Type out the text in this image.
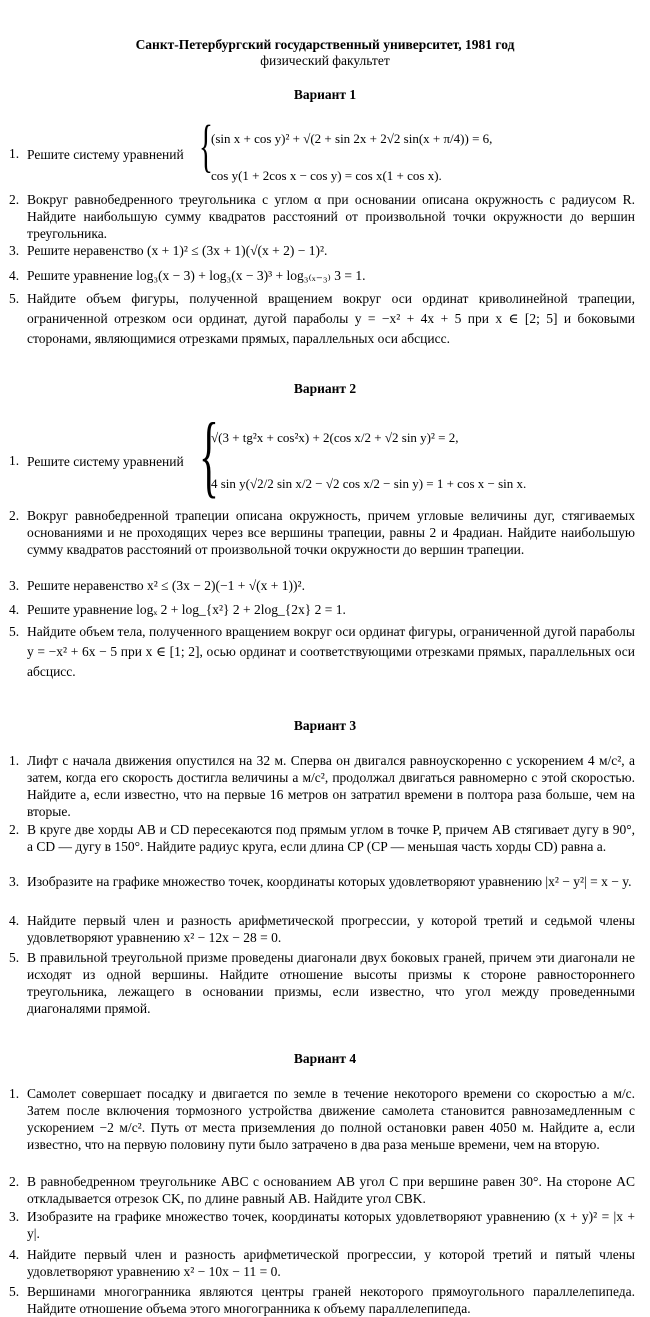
Санкт-Петербургский государственный университет, 1981 год
физический факультет
Вариант 1
1. Решите систему уравнений {
(sin x + cos y)² + √(2 + sin 2x + 2√2 sin(x + π/4)) = 6,
cos y(1 + 2cos x − cos y) = cos x(1 + cos x).
2. Вокруг равнобедренного треугольника с углом α при основании описана окружность с радиусом R. Найдите наибольшую сумму квадратов расстояний от произвольной точки окружности до вершин треугольника.
3. Решите неравенство (x + 1)² ≤ (3x + 1)(√(x + 2) − 1)².
4. Решите уравнение log₃(x − 3) + log₃(x − 3)³ + log₃₍ₓ₋₃₎ 3 = 1.
5. Найдите объем фигуры, полученной вращением вокруг оси ординат криволинейной трапеции, ограниченной отрезком оси ординат, дугой параболы y = −x² + 4x + 5 при x ∈ [2; 5] и боковыми сторонами, являющимися отрезками прямых, параллельных оси абсцисс.
Вариант 2
1. Решите систему уравнений {
√(3 + tg²x + cos²x) + 2(cos x/2 + √2 sin y)² = 2,
4 sin y(√2/2 sin x/2 − √2 cos x/2 − sin y) = 1 + cos x − sin x.
2. Вокруг равнобедренной трапеции описана окружность, причем угловые величины дуг, стягиваемых основаниями и не проходящих через все вершины трапеции, равны 2 и 4радиан. Найдите наибольшую сумму квадратов расстояний от произвольной точки окружности до вершин трапеции.
3. Решите неравенство x² ≤ (3x − 2)(−1 + √(x + 1))².
4. Решите уравнение logₓ 2 + log_{x²} 2 + 2log_{2x} 2 = 1.
5. Найдите объем тела, полученного вращением вокруг оси ординат фигуры, ограниченной дугой параболы y = −x² + 6x − 5 при x ∈ [1; 2], осью ординат и соответствующими отрезками прямых, параллельных оси абсцисс.
Вариант 3
1. Лифт с начала движения опустился на 32 м. Сперва он двигался равноускоренно с ускорением 4 м/с², а затем, когда его скорость достигла величины a м/с², продолжал двигаться равномерно с этой скоростью. Найдите a, если известно, что на первые 16 метров он затратил времени в полтора раза больше, чем на вторые.
2. В круге две хорды AB и CD пересекаются под прямым углом в точке P, причем AB стягивает дугу в 90°, а CD — дугу в 150°. Найдите радиус круга, если длина CP (CP — меньшая часть хорды CD) равна a.
3. Изобразите на графике множество точек, координаты которых удовлетворяют уравнению |x² − y²| = x − y.
4. Найдите первый член и разность арифметической прогрессии, у которой третий и седьмой члены удовлетворяют уравнению x² − 12x − 28 = 0.
5. В правильной треугольной призме проведены диагонали двух боковых граней, причем эти диагонали не исходят из одной вершины. Найдите отношение высоты призмы к стороне равностороннего треугольника, лежащего в основании призмы, если известно, что угол между проведенными диагоналями прямой.
Вариант 4
1. Самолет совершает посадку и двигается по земле в течение некоторого времени со скоростью a м/с. Затем после включения тормозного устройства движение самолета становится равнозамедленным с ускорением −2 м/с². Путь от места приземления до полной остановки равен 4050 м. Найдите a, если известно, что на первую половину пути было затрачено в два раза меньше времени, чем на вторую.
2. В равнобедренном треугольнике ABC с основанием AB угол C при вершине равен 30°. На стороне AC откладывается отрезок CK, по длине равный AB. Найдите угол CBK.
3. Изобразите на графике множество точек, координаты которых удовлетворяют уравнению (x + y)² = |x + y|.
4. Найдите первый член и разность арифметической прогрессии, у которой третий и пятый члены удовлетворяют уравнению x² − 10x − 11 = 0.
5. Вершинами многогранника являются центры граней некоторого прямоугольного параллелепипеда. Найдите отношение объема этого многогранника к объему параллелепипеда.
